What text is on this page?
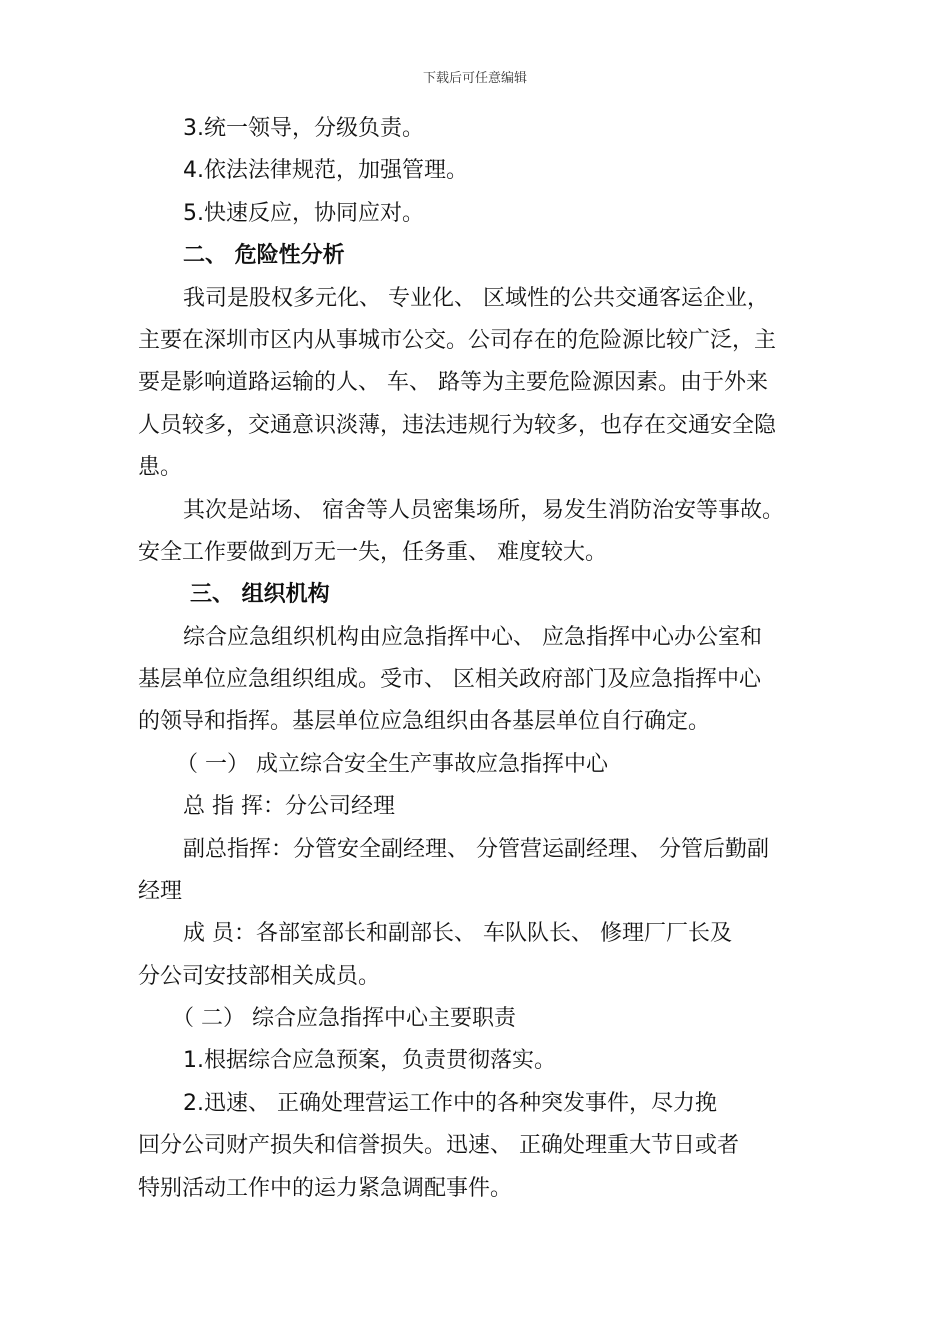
下载后可任意编辑
3.统一领导，分级负责。
4.依法法律规范，加强管理。
5.快速反应，协同应对。
二、 危险性分析
我司是股权多元化、 专业化、 区域性的公共交通客运企业，
主要在深圳市区内从事城市公交。公司存在的危险源比较广泛，主
要是影响道路运输的人、 车、 路等为主要危险源因素。由于外来
人员较多，交通意识淡薄，违法违规行为较多，也存在交通安全隐
患。
其次是站场、 宿舍等人员密集场所，易发生消防治安等事故。
安全工作要做到万无一失，任务重、 难度较大。
三、 组织机构
综合应急组织机构由应急指挥中心、 应急指挥中心办公室和
基层单位应急组织组成。受市、 区相关政府部门及应急指挥中心
的领导和指挥。基层单位应急组织由各基层单位自行确定。
（ 一） 成立综合安全生产事故应急指挥中心
总 指 挥：分公司经理
副总指挥：分管安全副经理、 分管营运副经理、 分管后勤副
经理
成 员：各部室部长和副部长、 车队队长、 修理厂厂长及
分公司安技部相关成员。
（ 二） 综合应急指挥中心主要职责
1.根据综合应急预案，负责贯彻落实。
2.迅速、 正确处理营运工作中的各种突发事件，尽力挽
回分公司财产损失和信誉损失。迅速、 正确处理重大节日或者
特别活动工作中的运力紧急调配事件。
